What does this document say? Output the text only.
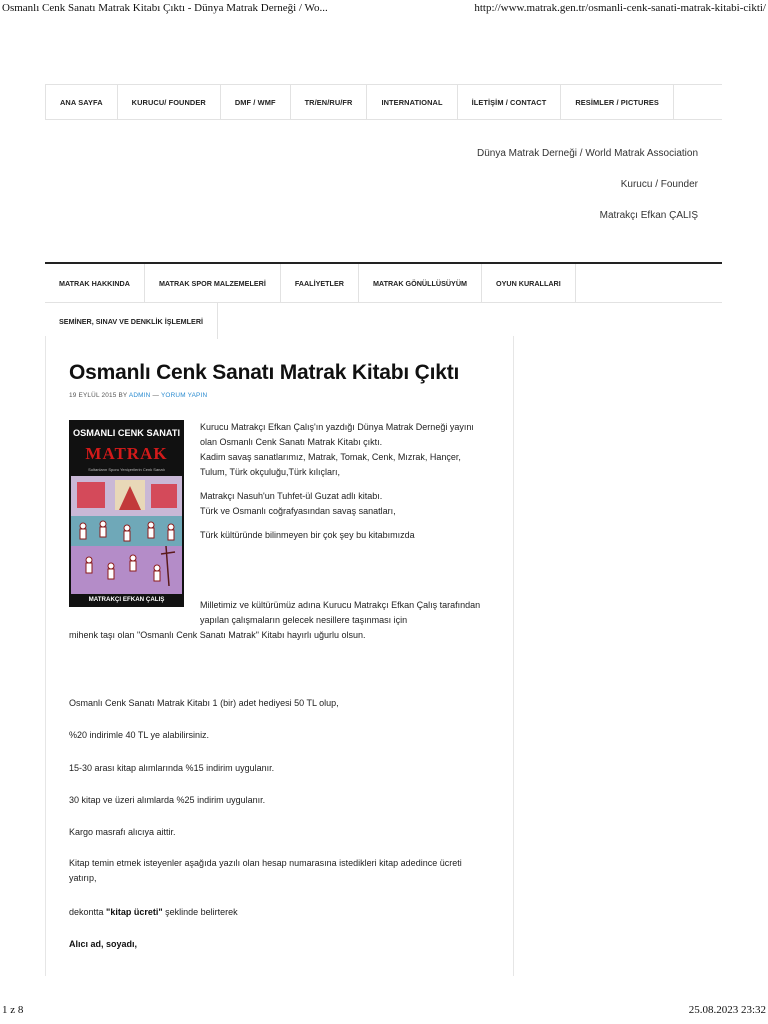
Osmanlı Cenk Sanatı Matrak Kitabı Çıktı - Dünya Matrak Derneği / Wo...	http://www.matrak.gen.tr/osmanli-cenk-sanati-matrak-kitabi-cikti/
ANA SAYFA	KURUCU/ FOUNDER	DMF / WMF	TR/EN/RU/FR	INTERNATIONAL	İLETİŞİM / CONTACT	RESİMLER / PICTURES
Dünya Matrak Derneği / World Matrak Association
Kurucu / Founder
Matrakçı Efkan ÇALIŞ
MATRAK HAKKINDA	MATRAK SPOR MALZEMELERİ	FAALİYETLER	MATRAK GÖNÜLLÜSÜYÜM	OYUN KURALLARI
SEMİNER, SINAV VE DENKLİK İŞLEMLERİ
Osmanlı Cenk Sanatı Matrak Kitabı Çıktı
19 EYLÜL 2015 BY ADMIN — YORUM YAPIN
OSMANLI CENK SANATI
MATRAK
Sultanların Sporu Yeniçerilerin Cenk Sanatı
MATRAKÇI EFKAN ÇALIŞ

Kurucu Matrakçı Efkan Çalış'ın yazdığı Dünya Matrak Derneği yayını olan Osmanlı Cenk Sanatı Matrak Kitabı çıktı.
Kadim savaş sanatlarımız, Matrak, Tomak, Cenk, Mızrak, Hançer, Tulum, Türk okçuluğu,Türk kılıçları,

Matrakçı Nasuh'un Tuhfet-ül Guzat adlı kitabı.
Türk ve Osmanlı coğrafyasından savaş sanatları,

Türk kültüründe bilinmeyen bir çok şey bu kitabımızda

Milletimiz ve kültürümüz adına Kurucu Matrakçı Efkan Çalış tarafından yapılan çalışmaların gelecek nesillere taşınması için

mihenk taşı olan "Osmanlı Cenk Sanatı Matrak" Kitabı hayırlı uğurlu olsun.

Osmanlı Cenk Sanatı Matrak Kitabı 1 (bir) adet hediyesi 50 TL olup,

%20 indirimle 40 TL ye alabilirsiniz.

15-30 arası kitap alımlarında %15 indirim uygulanır.

30 kitap ve üzeri alımlarda %25 indirim uygulanır.

Kargo masrafı alıcıya aittir.

Kitap temin etmek isteyenler aşağıda yazılı olan hesap numarasına istedikleri kitap adedince ücreti yatırıp,

dekontta "kitap ücreti" şeklinde belirterek

Alıcı ad, soyadı,

1 z 8	25.08.2023 23:32
